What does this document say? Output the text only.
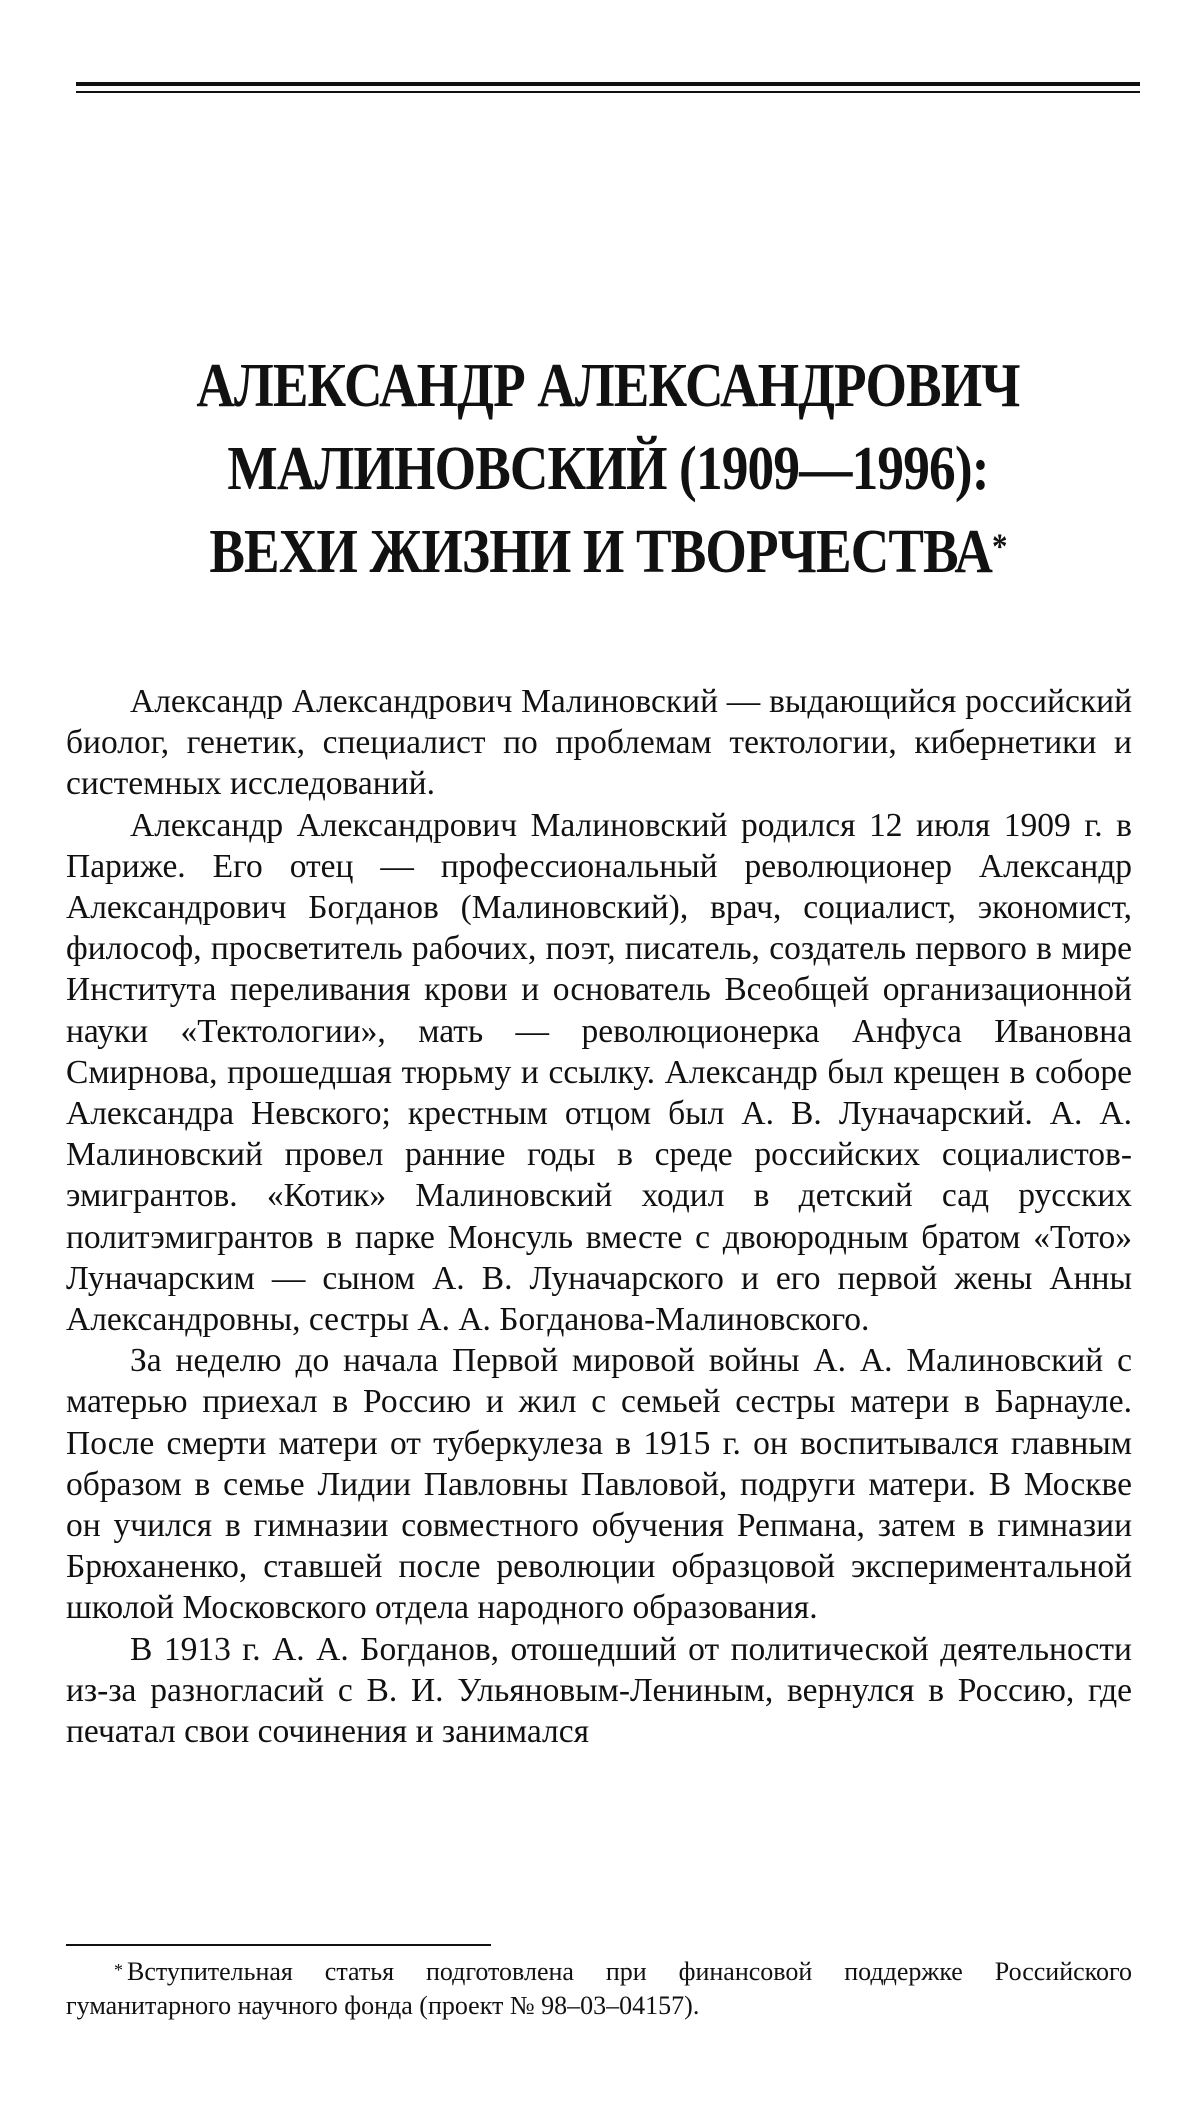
АЛЕКСАНДР АЛЕКСАНДРОВИЧ
МАЛИНОВСКИЙ (1909—1996):
ВЕХИ ЖИЗНИ И ТВОРЧЕСТВА*

Александр Александрович Малиновский — выдающийся российский биолог, генетик, специалист по проблемам тектологии, кибернетики и системных исследований.

Александр Александрович Малиновский родился 12 июля 1909 г. в Париже. Его отец — профессиональный революционер Александр Александрович Богданов (Малиновский), врач, социалист, экономист, философ, просветитель рабочих, поэт, писатель, создатель первого в мире Института переливания крови и основатель Всеобщей организационной науки «Тектологии», мать — революционерка Анфуса Ивановна Смирнова, прошедшая тюрьму и ссылку. Александр был крещен в соборе Александра Невского; крестным отцом был А. В. Луначарский. А. А. Малиновский провел ранние годы в среде российских социалистов-эмигрантов. «Котик» Малиновский ходил в детский сад русских политэмигрантов в парке Монсуль вместе с двоюродным братом «Тото» Луначарским — сыном А. В. Луначарского и его первой жены Анны Александровны, сестры А. А. Богданова-Малиновского.

За неделю до начала Первой мировой войны А. А. Малиновский с матерью приехал в Россию и жил с семьей сестры матери в Барнауле. После смерти матери от туберкулеза в 1915 г. он воспитывался главным образом в семье Лидии Павловны Павловой, подруги матери. В Москве он учился в гимназии совместного обучения Репмана, затем в гимназии Брюханенко, ставшей после революции образцовой экспериментальной школой Московского отдела народного образования.

В 1913 г. А. А. Богданов, отошедший от политической деятельности из-за разногласий с В. И. Ульяновым-Лениным, вернулся в Россию, где печатал свои сочинения и занимался

* Вступительная статья подготовлена при финансовой поддержке Российского гуманитарного научного фонда (проект № 98–03–04157).
